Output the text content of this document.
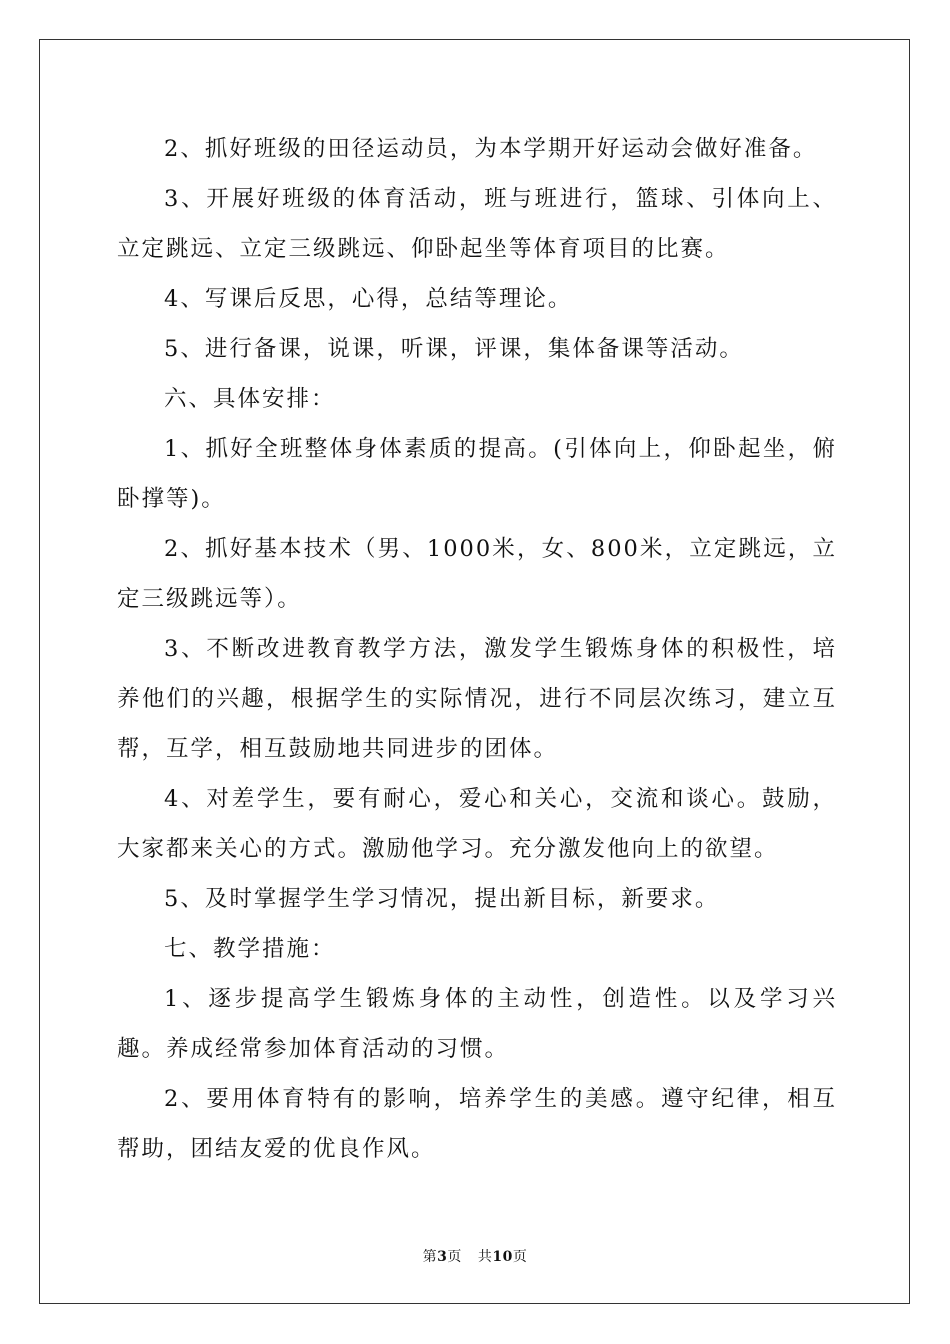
2、抓好班级的田径运动员，为本学期开好运动会做好准备。

3、开展好班级的体育活动，班与班进行，篮球、引体向上、立定跳远、立定三级跳远、仰卧起坐等体育项目的比赛。

4、写课后反思，心得，总结等理论。

5、进行备课，说课，听课，评课，集体备课等活动。

六、具体安排：

1、抓好全班整体身体素质的提高。(引体向上，仰卧起坐，俯卧撑等)。

2、抓好基本技术（男、1000米，女、800米，立定跳远，立定三级跳远等）。

3、不断改进教育教学方法，激发学生锻炼身体的积极性，培养他们的兴趣，根据学生的实际情况，进行不同层次练习，建立互帮，互学，相互鼓励地共同进步的团体。

4、对差学生，要有耐心，爱心和关心，交流和谈心。鼓励，大家都来关心的方式。激励他学习。充分激发他向上的欲望。

5、及时掌握学生学习情况，提出新目标，新要求。

七、教学措施：

1、逐步提高学生锻炼身体的主动性，创造性。以及学习兴趣。养成经常参加体育活动的习惯。

2、要用体育特有的影响，培养学生的美感。遵守纪律，相互帮助，团结友爱的优良作风。

第3页 共10页
